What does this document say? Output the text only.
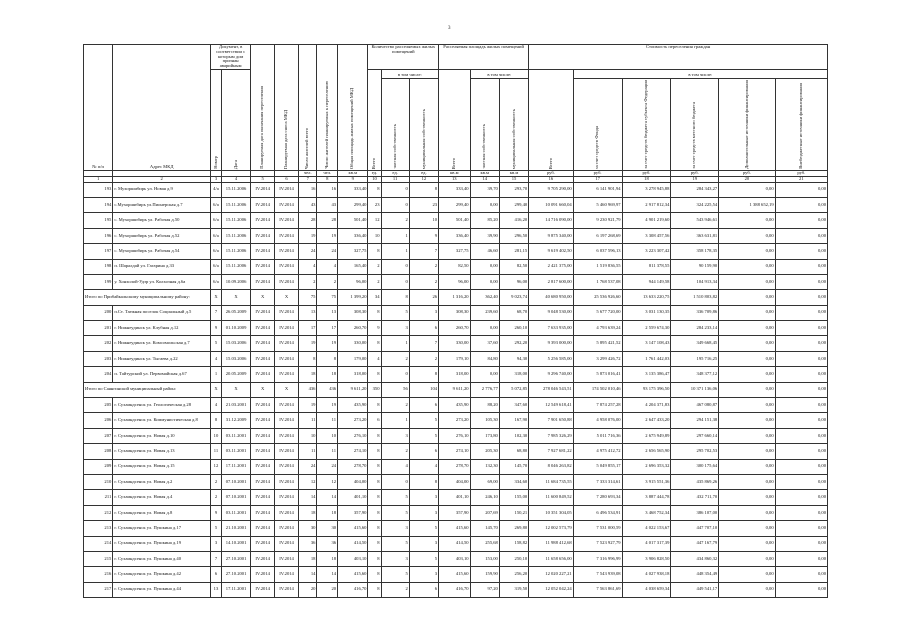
3
№ п/п	Адрес МКД	Документ, в соответствии с которым дом признан аварийным		Планируемая дата окончания переселения	Планируемая дата сноса МКД	Число жителей всего	Число жителей планируемых к переселению	Общая площадь жилых помещений МКД	Количество расселяемых жилых помещений			Расселяемая площадь жилых помещений			Стоимость переселения граждан					

		Номер	Дата						Всего	в том числе:		Всего	в том числе:		Всего	в том числе:				

										частная собственность	муниципальная собственность		частная собственность	муниципальная собственность		за счет средств Фонда	за счет средств бюджета субъекта Федерации	за счет средств местного бюджета	Дополнительные источники финансирования	Внебюджетные источники финансирования

						чел.	чел.	кв.м	ед.	ед.	ед.	кв.м	кв.м	кв.м	руб.	руб.	руб.	руб.	руб.	руб.
1	2	3	4	5	6	7	8	9	10	11	12	13	14	15	16	17	18	19	20	21
193	г. Мухоршибирь ул. Новая д.9	4/а	15.11.2006	IV.2014	IV.2014	16	16	333,40	8	0	8	333,40	39,70	293,70	9 705 290,00	6 141 901,94	3 278 945,88	284 343,27	0,00	0,00
194	с.Мухоршибирь ул.Пионерская д.7	6/а	15.11.2006	IV.2014	IV.2014	43	43	299,40	23	0	23	299,40	0,00	299,40	10 091 660,04	5 460 969,97	2 917 812,34	324 225,54	1 388 652,19	0,00
195	с. Мухоршибирь ул. Рабочая д.50	6/а	15.11.2006	IV.2014	IV.2014	28	28	501,40	12	2	10	501,40	85,20	416,20	14 716 090,00	9 230 921,79	4 901 219,60	543 946,61	0,00	0,00
196	с. Мухоршибирь ул. Рабочая д.52	6/а	15.11.2006	IV.2014	IV.2014	19	19	336,40	10	1	9	336,40	39,90	296,50	9 875 340,00	6 197 268,69	3 308 457,56	363 631,81	0,00	0,00
197	с. Мухоршибирь ул. Рабочая д.54	6/а	15.11.2006	IV.2014	IV.2014	24	24	327,75	8	1	7	327,75	46,60	281,15	9 619 402,50	6 037 596,13	3 223 307,42	358 178,35	0,00	0,00
198	п. Шаралдай ул. Гагарина д.33	6/а	15.11.2006	IV.2014	IV.2014	4	4	165,40	2	0	2	82,50	0,00	82,50	2 421 375,00	1 519 836,55	811 378,55	90 159,90	0,00	0,00
199	у. Хонхолой-Удзр ул. Колхозная д.6а	6/а	10.09.2006	IV.2014	IV.2014	2	2	96,00	2	0	2	96,00	0,00	96,00	2 817 600,00	1 768 537,08	944 149,58	104 913,34	0,00	0,00
Итого по Прибайкальскому муниципальному району:		X	X	X	X	75	75	1 399,20	34	8	26	1 316,20	362,40	9 023,74	40 680 950,00	25 536 926,60	13 633 220,75	1 510 803,82	0,00	0,00
200	п.Ст. Таежная поселок Социальный д.5	7	26.05.2009	IV.2014	IV.2014	13	13	308,30	8	5	3	308,30	239,60	68,70	9 048 530,00	5 677 720,00	3 031 130,35	336 709,86	0,00	0,00
201	г. Нижнеудинск ул. Клубная д.12	9	01.10.2009	IV.2014	IV.2014	17	17	260,70	9	3	6	260,70	0,00	260,10	7 633 935,00	4 793 639,24	2 559 674,30	284 233,14	0,00	0,00
202	г. Нижнеудинск ул. Комсомольская д.7	5	15.03.2006	IV.2014	IV.2014	19	19	330,00	8	1	7	330,00	37,60	292,20	9 393 000,00	5 895 421,52	3 147 108,43	349 668,45	0,00	0,00
203	г. Нижнеудинск ул. Тыгаева д.22	4	15.03.2006	IV.2014	IV.2014	8	8	179,00	4	2	2	179,10	84,80	94,30	5 256 585,00	3 299 426,72	1 761 442,03	195 716,25	0,00	0,00
204	п. Тайтурский ул. Первомайская д.67	1	20.05.2009	IV.2014	IV.2014	18	18	318,00	8	0	8	318,00	0,00	318,00	9 296 740,00	5 873 016,41	3 135 386,47	348 377,12	0,00	0,00
Итого по Саянгинской муниципальный район:		X	X	X	X	436	436	9 611,20	350	56	104	9 611,20	2 776,77	5 072,85	278 046 543,51	174 502 010,46	93 175 396,50	10 371 136,06	0,00	0,00
205	г. Сухаиндсенск ул. Геологическая д.28	4	21.03.2001	IV.2014	IV.2014	19	19	435,90	8	2	6	435,90	88,20	347,60	12 549 618,41	7 874 257,28	4 204 371,83	467 080,87	0,00	0,00
206	г. Сухаиндсенск ул. Коммунистическая д.8	8	31.12.2009	IV.2014	IV.2014	11	11	273,20	6	1	5	273,20	105,30	167,90	7 901 650,88	4 958 076,00	2 647 433,20	294 151,38	0,00	0,00
207	г. Сухаиндсенск ул. Новая д.10	10	03.11.2001	IV.2014	IV.2014	10	10	276,10	8	3	5	276,10	173,80	102,30	7 985 326,29	5 011 716,36	2 675 949,89	297 660,14	0,00	0,00
208	г. Сухаиндсенск ул. Новая д.13	11	03.11.2001	IV.2014	IV.2014	11	11	274,10	8	2	6	274,10	205,30	68,80	7 927 681,22	4 975 412,72	2 656 565,90	295 702,53	0,00	0,00
209	г. Сухаиндсенск ул. Новая д.15	12	17.11.2001	IV.2014	IV.2014	24	24	278,70	8	4	4	278,70	132,30	145,70	8 046 263,82	5 049 855,17	2 696 353,32	300 175,64	0,00	0,00
210	г. Сухаиндсенск ул. Новая д.2	2	07.10.2001	IV.2014	IV.2014	12	12	404,00	8	0	8	404,00	69,00	334,60	11 684 735,55	7 333 314,61	3 915 551,36	435 869,26	0,00	0,00
211	г. Сухаиндсенск ул. Новая д.4	2	07.10.2001	IV.2014	IV.2014	14	14	401,10	8	5	3	401,10	246,10	155,00	11 600 849,52	7 280 693,34	3 887 444,78	432 711,70	0,00	0,00
212	г. Сухаиндсенск ул. Новая д.8	9	03.11.2001	IV.2014	IV.2014	18	18	357,90	8	5	3	357,90	207,69	150,21	10 351 304,05	6 496 534,91	3 468 752,34	386 107,00	0,00	0,00
213	г. Сухаиндсенск ул. Пушкина д.17	5	21.10.2001	IV.2014	IV.2014	30	30	415,60	8	3	5	415,60	145,70	269,80	12 002 573,79	7 531 000,59	4 022 153,67	447 707,10	0,00	0,00
214	г. Сухаиндсенск ул. Пушкина д.19	3	14.10.2001	IV.2014	IV.2014	36	36	414,50	8	5	3	414,50	255,68	158,82	11 988 412,68	7 523 927,79	4 017 317,39	447 167,79	0,00	0,00
215	г. Сухаиндсенск ул. Пушкина д.40	7	27.10.2001	IV.2014	IV.2014	18	18	403,10	8	3	5	403,10	153,00	250,10	11 658 656,00	7 316 996,99	3 906 828,50	434 860,32	0,00	0,00
216	г. Сухаиндсенск ул. Пушкина д.42	6	27.10.2001	IV.2014	IV.2014	14	14	415,60	8	5	3	415,60	159,90	256,20	12 020 227,21	7 543 939,08	4 027 938,18	448 354,49	0,00	0,00
217	г. Сухаиндсенск ул. Пушкина д.44	13	17.11.2001	IV.2014	IV.2014	20	20	416,70	8	2	6	416,70	97,20	319,50	12 052 042,24	7 563 861,69	4 038 659,34	449 541,17	0,00	0,00
